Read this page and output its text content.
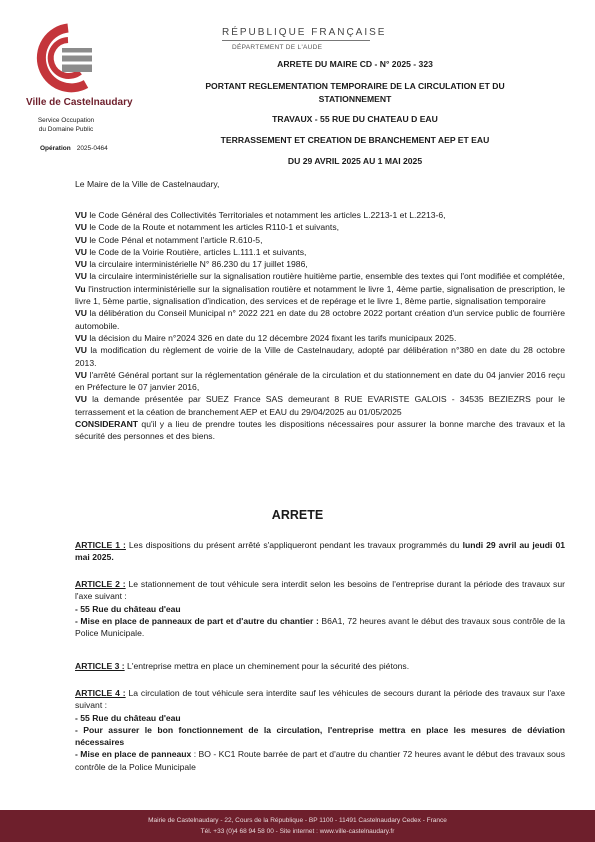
RÉPUBLIQUE FRANÇAISE
DÉPARTEMENT DE L'AUDE
Ville de Castelnaudary
Service Occupation
du Domaine Public
Opération 2025-0464
ARRETE DU MAIRE CD - N° 2025 - 323
PORTANT REGLEMENTATION TEMPORAIRE DE LA CIRCULATION ET DU
STATIONNEMENT
TRAVAUX - 55 RUE DU CHATEAU D EAU
TERRASSEMENT ET CREATION DE BRANCHEMENT AEP ET EAU
DU 29 AVRIL 2025 AU 1 MAI 2025

Le Maire de la Ville de Castelnaudary,

VU le Code Général des Collectivités Territoriales et notamment les articles L.2213-1 et L.2213-6,

VU le Code de la Route et notamment les articles R110-1 et suivants,

VU le Code Pénal et notamment l'article R.610-5,

VU le Code de la Voirie Routière, articles L.111.1 et suivants,

VU la circulaire interministérielle N° 86.230 du 17 juillet 1986,

VU la circulaire interministérielle sur la signalisation routière huitième partie, ensemble des textes qui l'ont modifiée et complétée,

Vu l'instruction interministérielle sur la signalisation routière et notamment le livre 1, 4ème partie, signalisation de prescription, le livre 1, 5ème partie, signalisation d'indication, des services et de repérage et le livre 1, 8ème partie, signalisation temporaire

VU la délibération du Conseil Municipal n° 2022 221 en date du 28 octobre 2022 portant création d'un service public de fourrière automobile.

VU la décision du Maire n°2024 326 en date du 12 décembre 2024 fixant les tarifs municipaux 2025.

VU la modification du règlement de voirie de la Ville de Castelnaudary, adopté par délibération n°380 en date du 28 octobre 2013.

VU l'arrêté Général portant sur la réglementation générale de la circulation et du stationnement en date du 04 janvier 2016 reçu en Préfecture le 07 janvier 2016,

VU la demande présentée par SUEZ France SAS demeurant 8 RUE EVARISTE GALOIS - 34535 BEZIEZRS pour le terrassement et la céation de branchement AEP et EAU du 29/04/2025 au 01/05/2025

CONSIDERANT qu'il y a lieu de prendre toutes les dispositions nécessaires pour assurer la bonne marche des travaux et la sécurité des personnes et des biens.

ARRETE

ARTICLE 1 : Les dispositions du présent arrêté s'appliqueront pendant les travaux programmés du lundi 29 avril au jeudi 01 mai 2025.

ARTICLE 2 : Le stationnement de tout véhicule sera interdit selon les besoins de l'entreprise durant la période des travaux sur l'axe suivant :

- 55 Rue du château d'eau

- Mise en place de panneaux de part et d'autre du chantier : B6A1, 72 heures avant le début des travaux sous contrôle de la Police Municipale.

ARTICLE 3 : L'entreprise mettra en place un cheminement pour la sécurité des piétons.

ARTICLE 4 : La circulation de tout véhicule sera interdite sauf les véhicules de secours durant la période des travaux sur l'axe suivant :

- 55 Rue du château d'eau

- Pour assurer le bon fonctionnement de la circulation, l'entreprise mettra en place les mesures de déviation nécessaires

- Mise en place de panneaux : BO - KC1 Route barrée de part et d'autre du chantier 72 heures avant le début des travaux sous contrôle de la Police Municipale

Mairie de Castelnaudary - 22, Cours de la République - BP 1100 - 11491 Castelnaudary Cedex - France
Tél. +33 (0)4 68 94 58 00 - Site internet : www.ville-castelnaudary.fr
